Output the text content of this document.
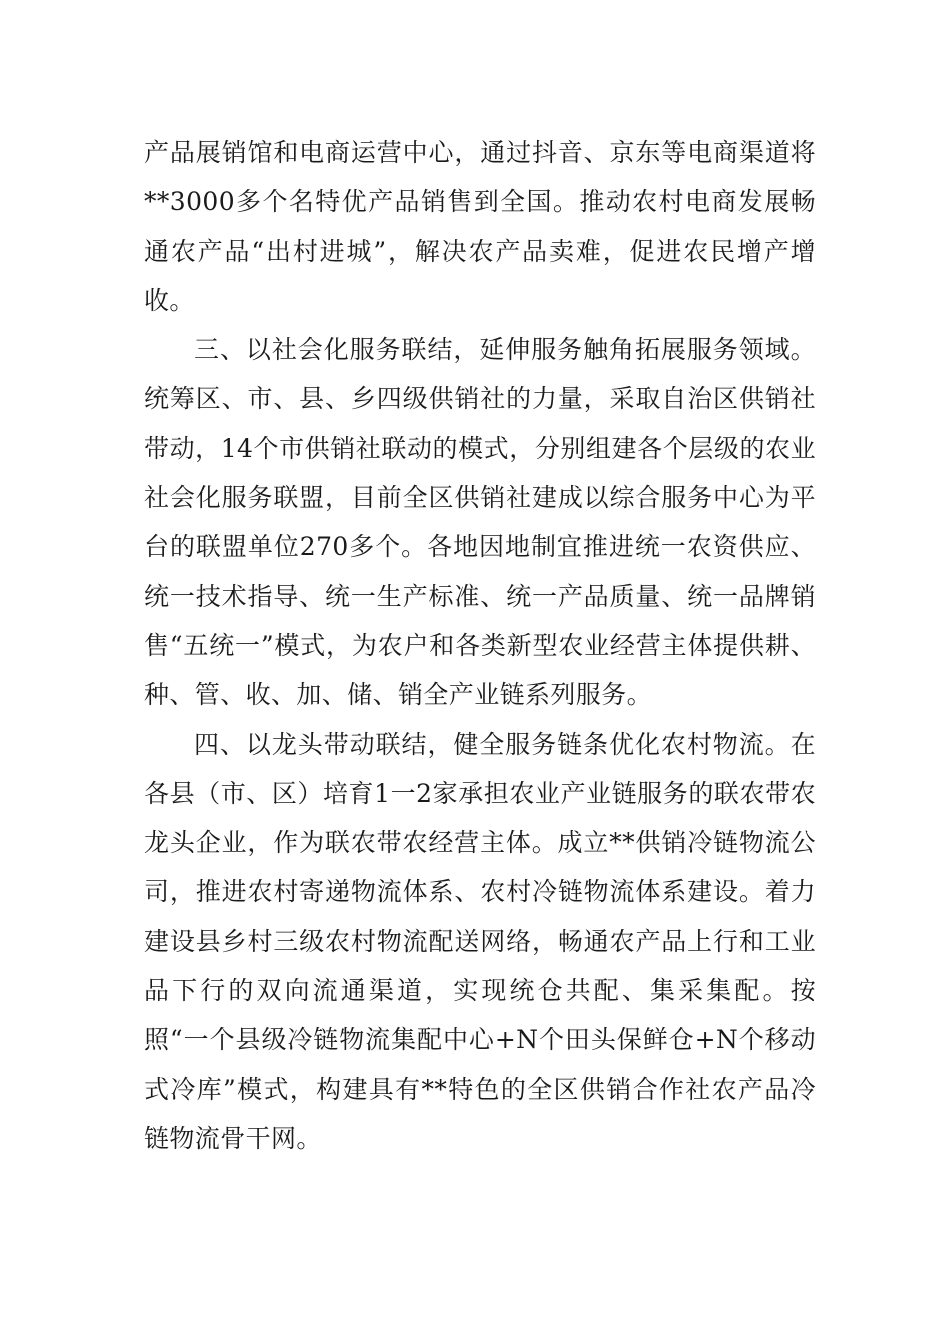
产品展销馆和电商运营中心，通过抖音、京东等电商渠道将**3000多个名特优产品销售到全国。推动农村电商发展畅通农产品“出村进城”，解决农产品卖难，促进农民增产增收。

三、以社会化服务联结，延伸服务触角拓展服务领域。统筹区、市、县、乡四级供销社的力量，采取自治区供销社带动，14个市供销社联动的模式，分别组建各个层级的农业社会化服务联盟，目前全区供销社建成以综合服务中心为平台的联盟单位270多个。各地因地制宜推进统一农资供应、统一技术指导、统一生产标准、统一产品质量、统一品牌销售“五统一”模式，为农户和各类新型农业经营主体提供耕、种、管、收、加、储、销全产业链系列服务。

四、以龙头带动联结，健全服务链条优化农村物流。在各县（市、区）培育1一2家承担农业产业链服务的联农带农龙头企业，作为联农带农经营主体。成立**供销冷链物流公司，推进农村寄递物流体系、农村冷链物流体系建设。着力建设县乡村三级农村物流配送网络，畅通农产品上行和工业品下行的双向流通渠道，实现统仓共配、集采集配。按照“一个县级冷链物流集配中心+N个田头保鲜仓+N个移动式冷库”模式，构建具有**特色的全区供销合作社农产品冷链物流骨干网。
